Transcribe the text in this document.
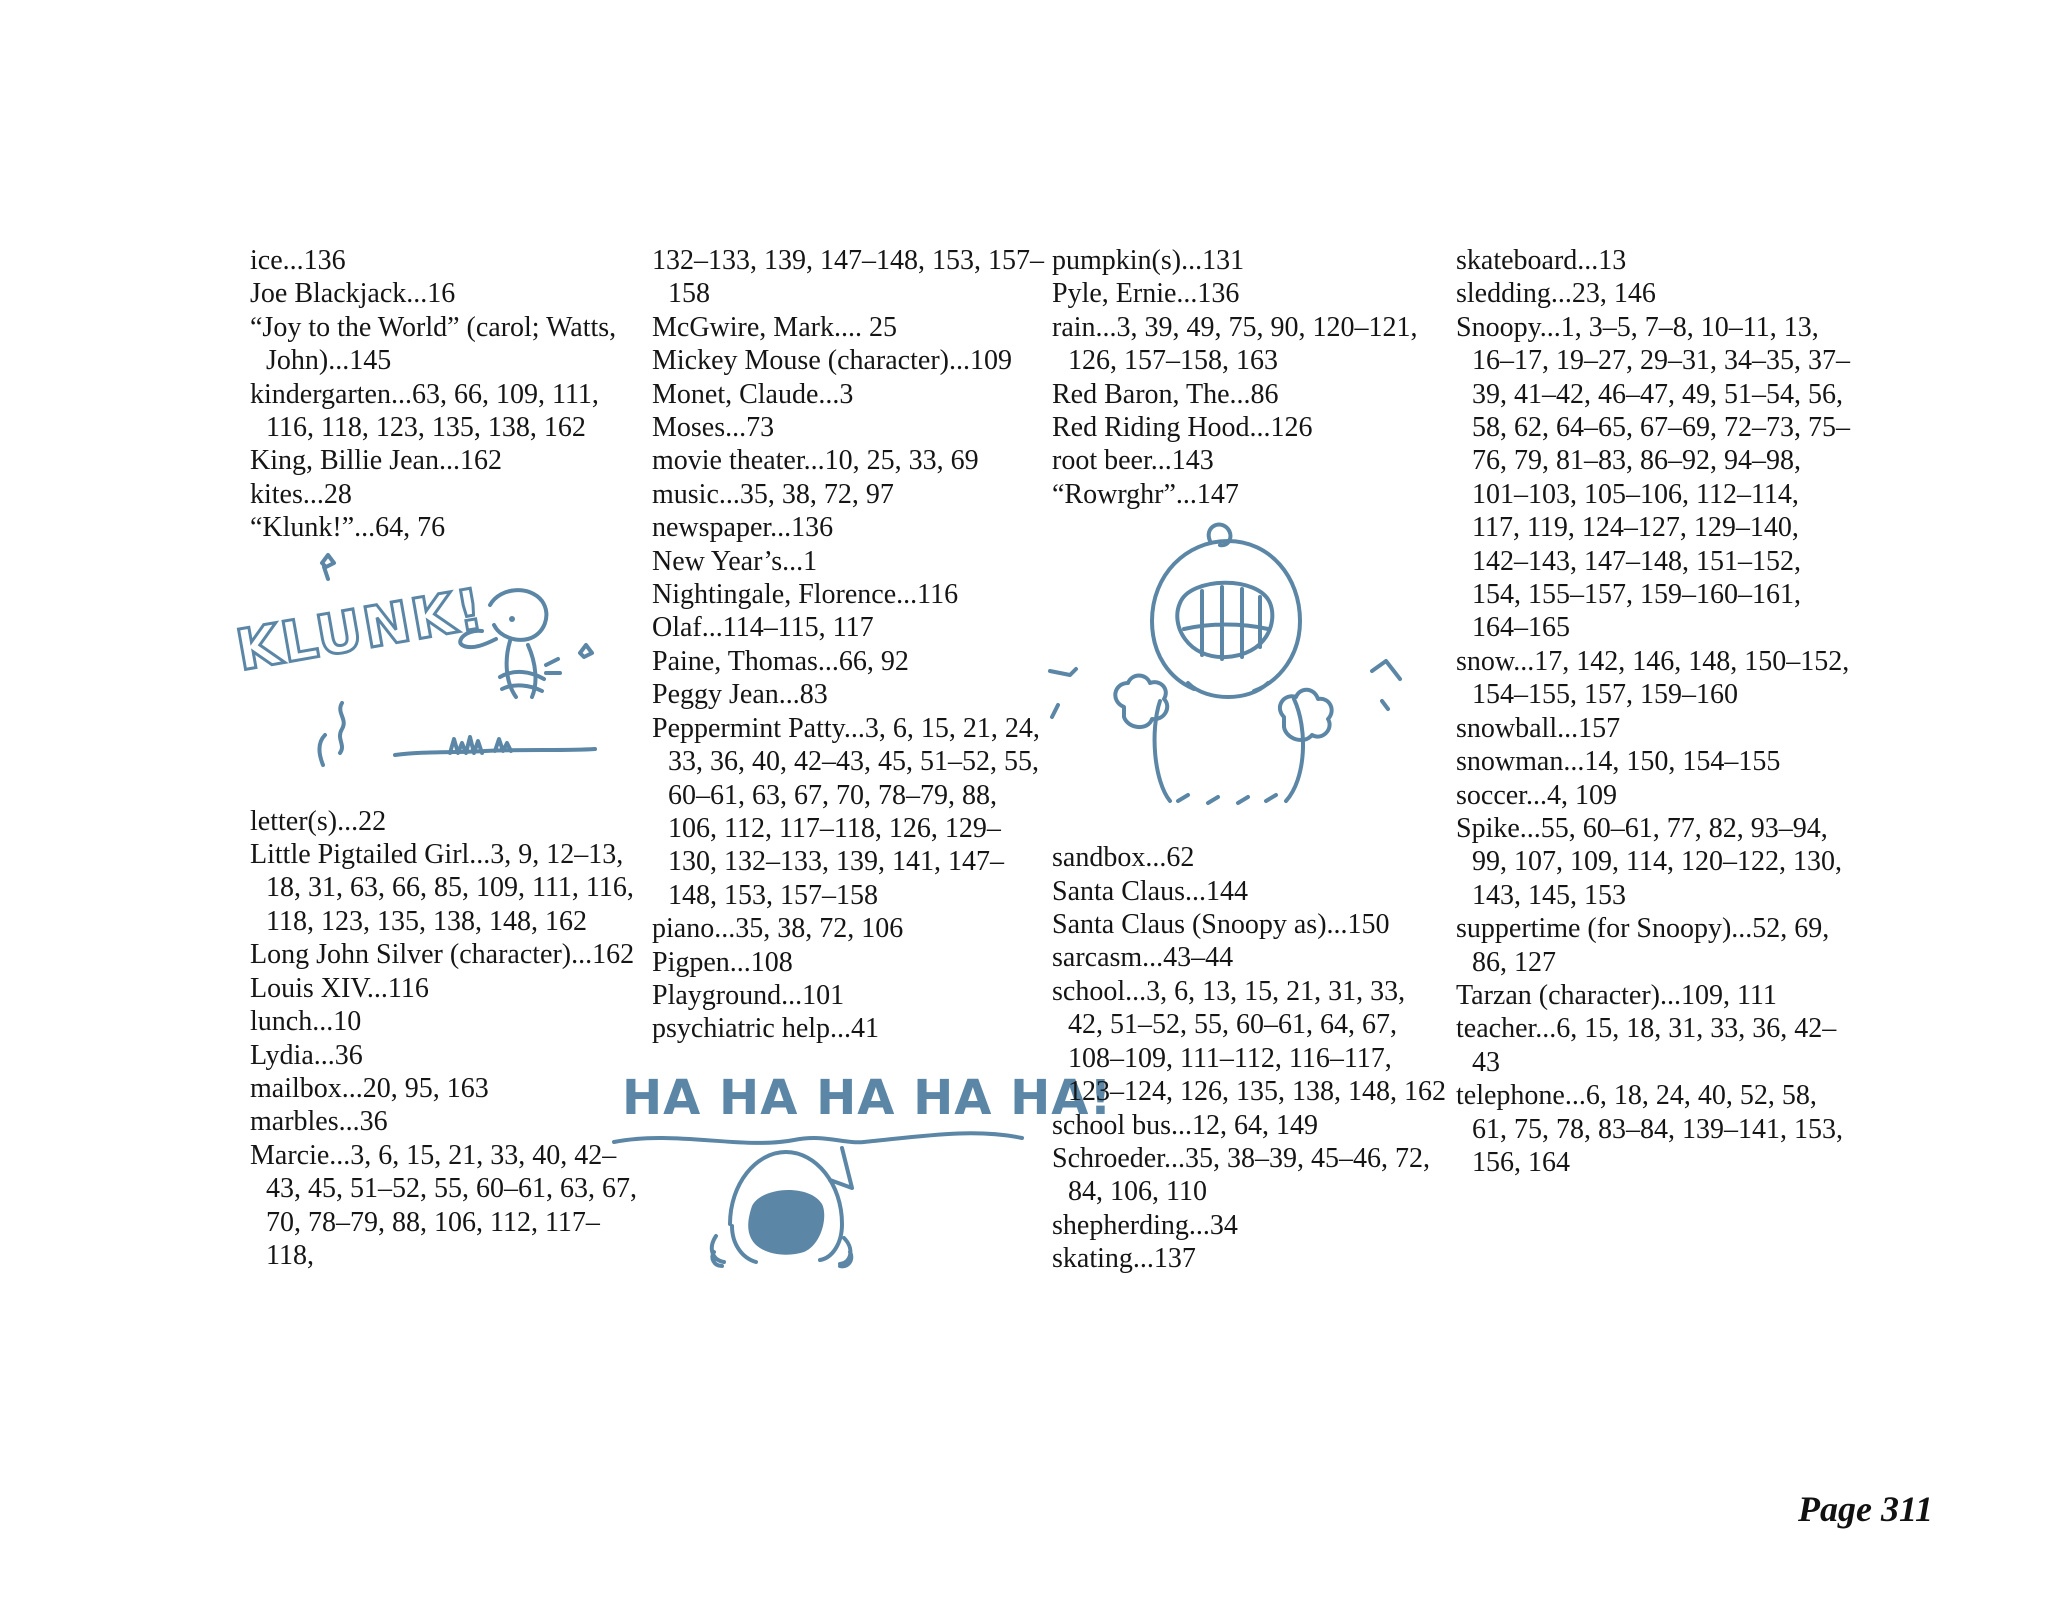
ice...136
Joe Blackjack...16
“Joy to the World” (carol; Watts, John)...145
kindergarten...63, 66, 109, 111, 116, 118, 123, 135, 138, 162
King, Billie Jean...162
kites...28
“Klunk!”...64, 76
KLUNK!
letter(s)...22
Little Pigtailed Girl...3, 9, 12–13, 18, 31, 63, 66, 85, 109, 111, 116, 118, 123, 135, 138, 148, 162
Long John Silver (character)...162
Louis XIV...116
lunch...10
Lydia...36
mailbox...20, 95, 163
marbles...36
Marcie...3, 6, 15, 21, 33, 40, 42–43, 45, 51–52, 55, 60–61, 63, 67, 70, 78–79, 88, 106, 112, 117–118,
132–133, 139, 147–148, 153, 157–158
McGwire, Mark.... 25
Mickey Mouse (character)...109
Monet, Claude...3
Moses...73
movie theater...10, 25, 33, 69
music...35, 38, 72, 97
newspaper...136
New Year’s...1
Nightingale, Florence...116
Olaf...114–115, 117
Paine, Thomas...66, 92
Peggy Jean...83
Peppermint Patty...3, 6, 15, 21, 24, 33, 36, 40, 42–43, 45, 51–52, 55, 60–61, 63, 67, 70, 78–79, 88, 106, 112, 117–118, 126, 129–130, 132–133, 139, 141, 147–148, 153, 157–158
piano...35, 38, 72, 106
Pigpen...108
Playground...101
psychiatric help...41
HA HA HA HA HA!
pumpkin(s)...131
Pyle, Ernie...136
rain...3, 39, 49, 75, 90, 120–121, 126, 157–158, 163
Red Baron, The...86
Red Riding Hood...126
root beer...143
“Rowrghr”...147
sandbox...62
Santa Claus...144
Santa Claus (Snoopy as)...150
sarcasm...43–44
school...3, 6, 13, 15, 21, 31, 33, 42, 51–52, 55, 60–61, 64, 67, 108–109, 111–112, 116–117, 123–124, 126, 135, 138, 148, 162
school bus...12, 64, 149
Schroeder...35, 38–39, 45–46, 72, 84, 106, 110
shepherding...34
skating...137
skateboard...13
sledding...23, 146
Snoopy...1, 3–5, 7–8, 10–11, 13, 16–17, 19–27, 29–31, 34–35, 37–39, 41–42, 46–47, 49, 51–54, 56, 58, 62, 64–65, 67–69, 72–73, 75–76, 79, 81–83, 86–92, 94–98, 101–103, 105–106, 112–114, 117, 119, 124–127, 129–140, 142–143, 147–148, 151–152, 154, 155–157, 159–160–161, 164–165
snow...17, 142, 146, 148, 150–152, 154–155, 157, 159–160
snowball...157
snowman...14, 150, 154–155
soccer...4, 109
Spike...55, 60–61, 77, 82, 93–94, 99, 107, 109, 114, 120–122, 130, 143, 145, 153
suppertime (for Snoopy)...52, 69, 86, 127
Tarzan (character)...109, 111
teacher...6, 15, 18, 31, 33, 36, 42–43
telephone...6, 18, 24, 40, 52, 58, 61, 75, 78, 83–84, 139–141, 153, 156, 164
Page 311
